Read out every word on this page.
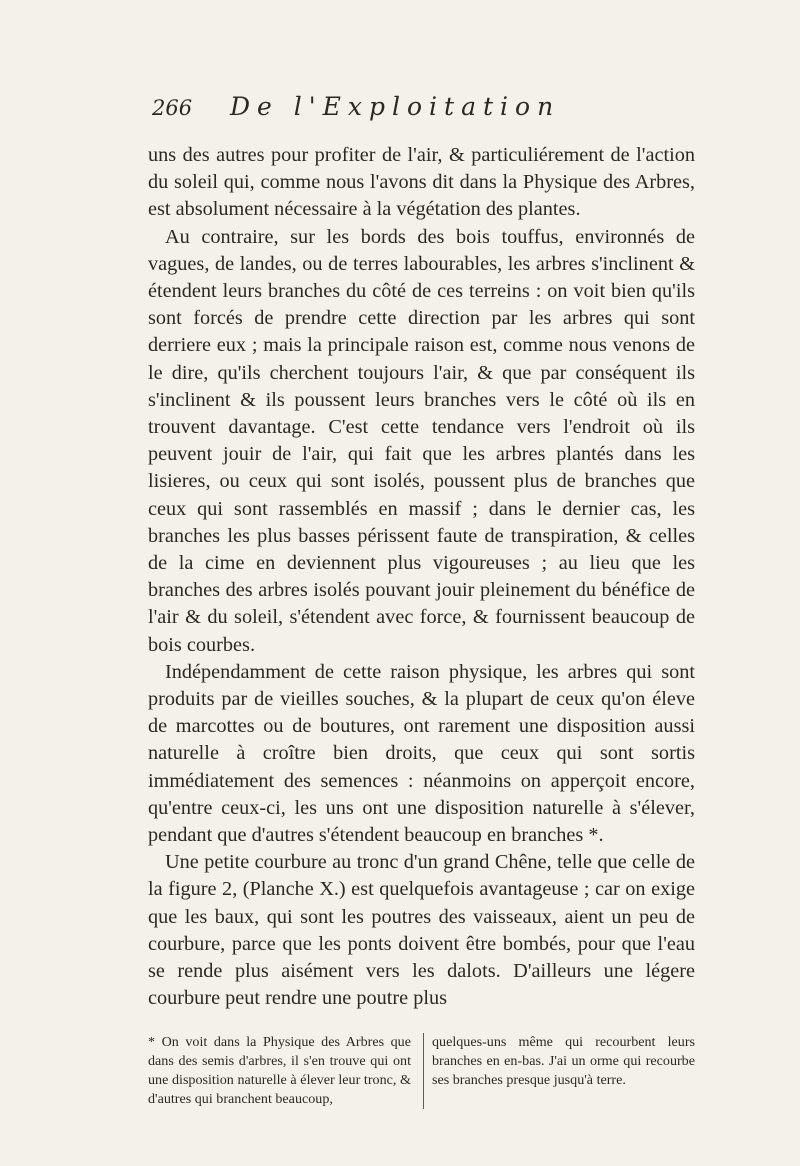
266 De l'Exploitation

uns des autres pour profiter de l'air, & particuliérement de l'action du soleil qui, comme nous l'avons dit dans la Physique des Arbres, est absolument nécessaire à la végétation des plantes.

Au contraire, sur les bords des bois touffus, environnés de vagues, de landes, ou de terres labourables, les arbres s'inclinent & étendent leurs branches du côté de ces terreins : on voit bien qu'ils sont forcés de prendre cette direction par les arbres qui sont derriere eux ; mais la principale raison est, comme nous venons de le dire, qu'ils cherchent toujours l'air, & que par conséquent ils s'inclinent & ils poussent leurs branches vers le côté où ils en trouvent davantage. C'est cette tendance vers l'endroit où ils peuvent jouir de l'air, qui fait que les arbres plantés dans les lisieres, ou ceux qui sont isolés, poussent plus de branches que ceux qui sont rassemblés en massif ; dans le dernier cas, les branches les plus basses périssent faute de transpiration, & celles de la cime en deviennent plus vigoureuses ; au lieu que les branches des arbres isolés pouvant jouir pleinement du bénéfice de l'air & du soleil, s'étendent avec force, & fournissent beaucoup de bois courbes.

Indépendamment de cette raison physique, les arbres qui sont produits par de vieilles souches, & la plupart de ceux qu'on éleve de marcottes ou de boutures, ont rarement une disposition aussi naturelle à croître bien droits, que ceux qui sont sortis immédiatement des semences : néanmoins on apperçoit encore, qu'entre ceux-ci, les uns ont une disposition naturelle à s'élever, pendant que d'autres s'étendent beaucoup en branches *.

Une petite courbure au tronc d'un grand Chêne, telle que celle de la figure 2, (Planche X.) est quelquefois avantageuse ; car on exige que les baux, qui sont les poutres des vaisseaux, aient un peu de courbure, parce que les ponts doivent être bombés, pour que l'eau se rende plus aisément vers les dalots. D'ailleurs une légere courbure peut rendre une poutre plus

* On voit dans la Physique des Arbres que dans des semis d'arbres, il s'en trouve qui ont une disposition naturelle à élever leur tronc, & d'autres qui branchent beaucoup,
quelques-uns même qui recourbent leurs branches en en-bas. J'ai un orme qui recourbe ses branches presque jusqu'à terre.
